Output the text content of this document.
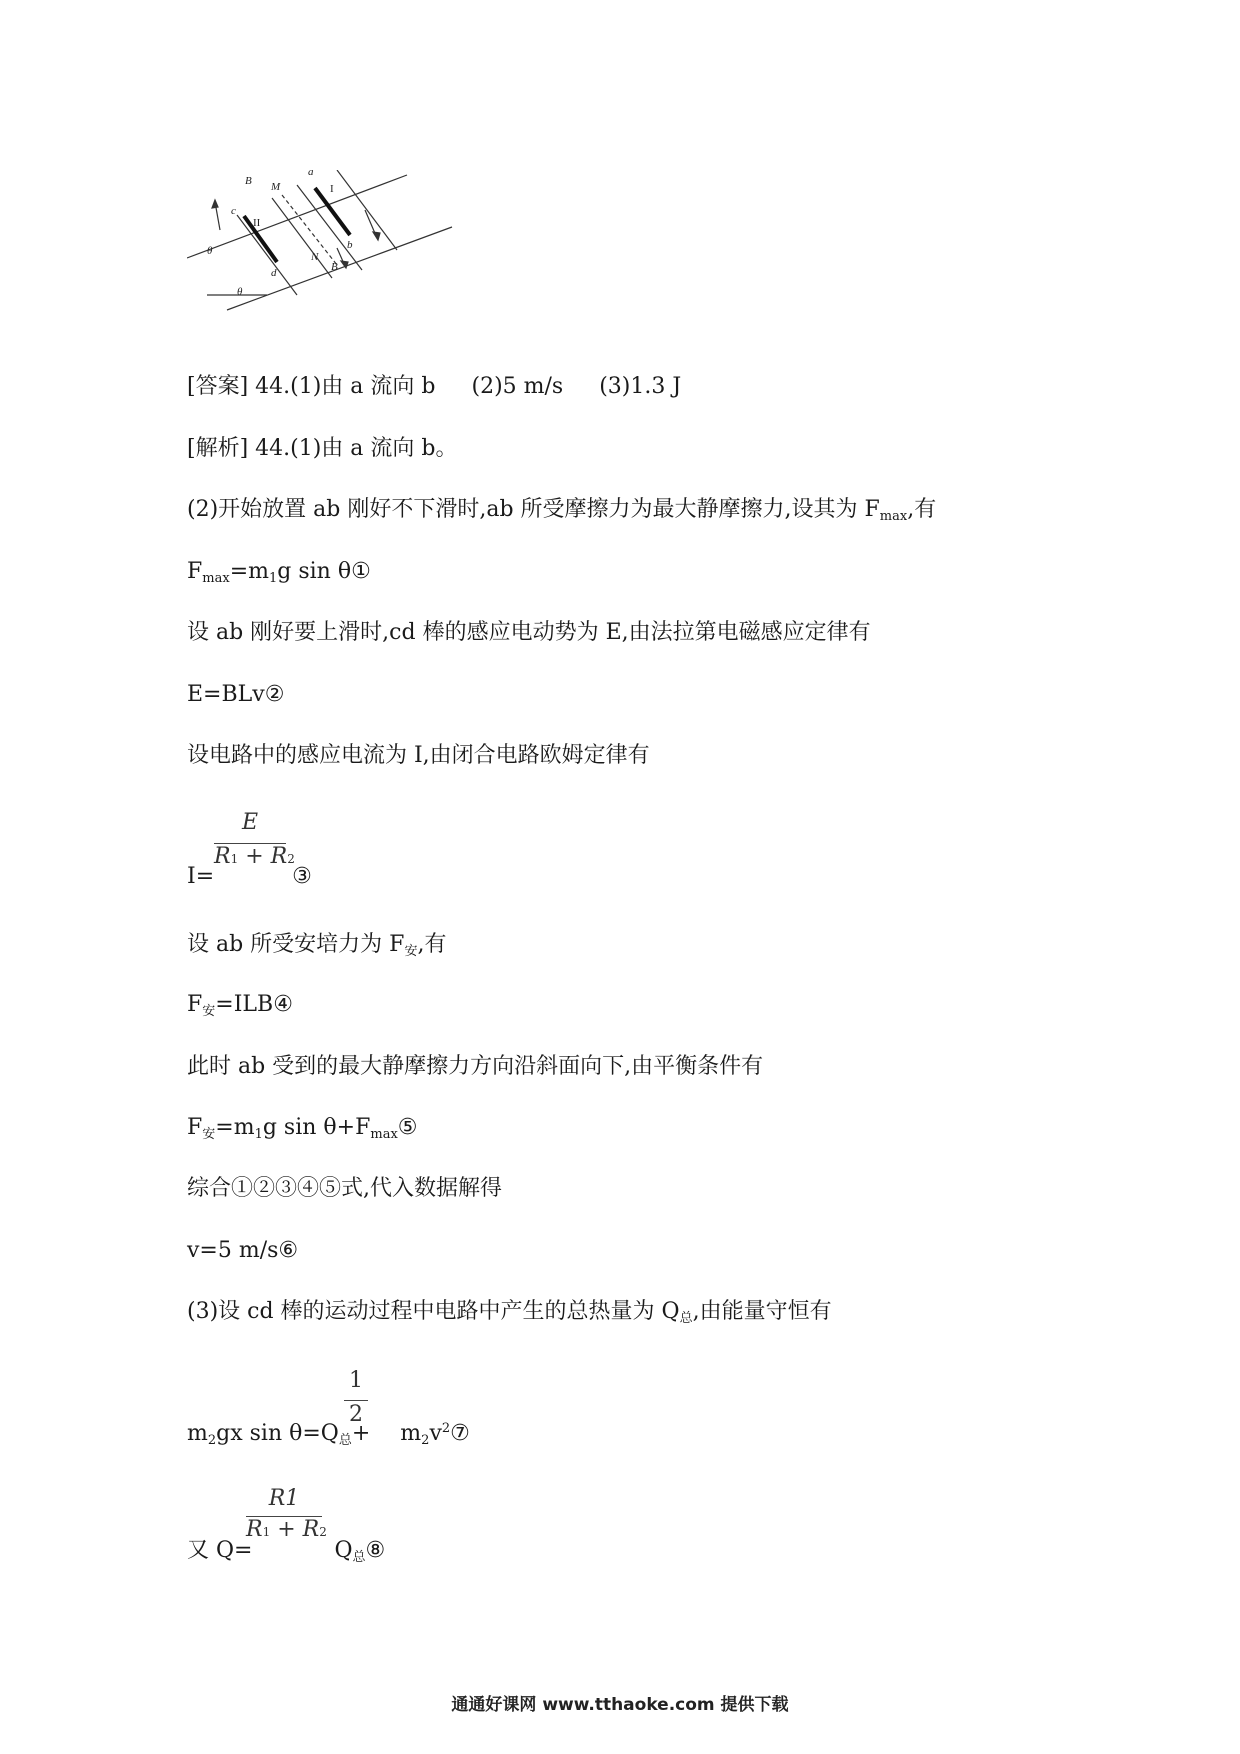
B M
a
I
c
II
b
N
B
d
θ
θ
[答案] 44.(1)由 a 流向 b (2)5 m/s (3)1.3 J
[解析] 44.(1)由 a 流向 b。
(2)开始放置 ab 刚好不下滑时,ab 所受摩擦力为最大静摩擦力,设其为 $F_{max}$,有
$F_{max}=m_1g$ sin θ①
设 ab 刚好要上滑时,cd 棒的感应电动势为 E,由法拉第电磁感应定律有
E=BLv②
设电路中的感应电流为 I,由闭合电路欧姆定律有
I=	③
E
R1 + R2
设 ab 所受安培力为 $F_安$,有
$F_安=ILB④$
此时 ab 受到的最大静摩擦力方向沿斜面向下,由平衡条件有
$F_安=m_1g$ $\sin \theta+F_{max}⑤$
综合①②③④⑤式,代入数据解得
v=5 m/s⑥
(3)设 cd 棒的运动过程中电路中产生的总热量为 $Q_总$,由能量守恒有
$m_2gx$ $\sin \theta=Q_总+$ $m_2v^2⑦$
1
2
又 Q=	$Q_总⑧$
R1
R1 + R2
通通好课网 www.tthaoke.com 提供下载
